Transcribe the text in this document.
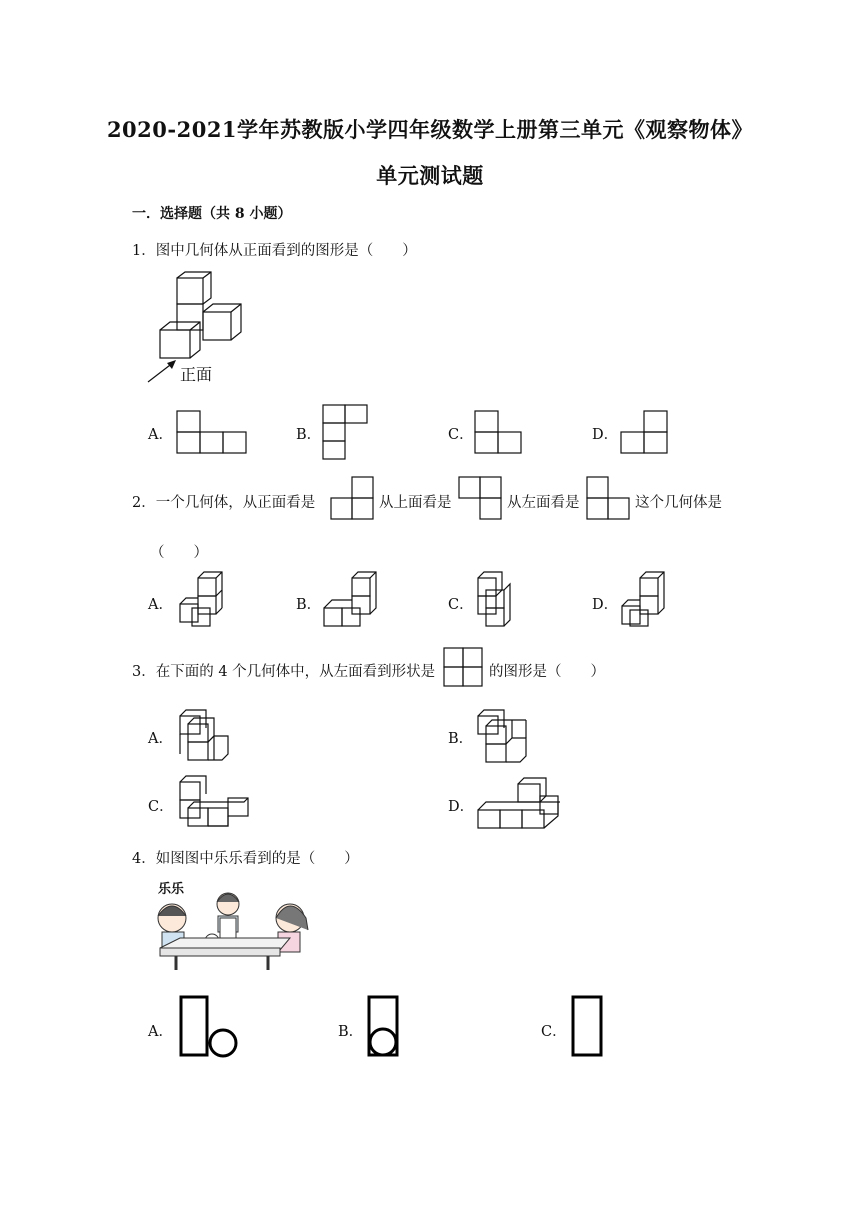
2020-2021学年苏教版小学四年级数学上册第三单元《观察物体》
单元测试题
一．选择题（共 8 小题）
1．图中几何体从正面看到的图形是（　　）
正面
A．	B．	C．	D．
2．一个几何体，从正面看是	从上面看是	从左面看是	这个几何体是
（　　）
A．	B．	C．	D．
3．在下面的 4 个几何体中，从左面看到形状是	的图形是（　　）
A．	B．
C．	D．
4．如图图中乐乐看到的是（　　）
乐乐
A．	B．	C．
